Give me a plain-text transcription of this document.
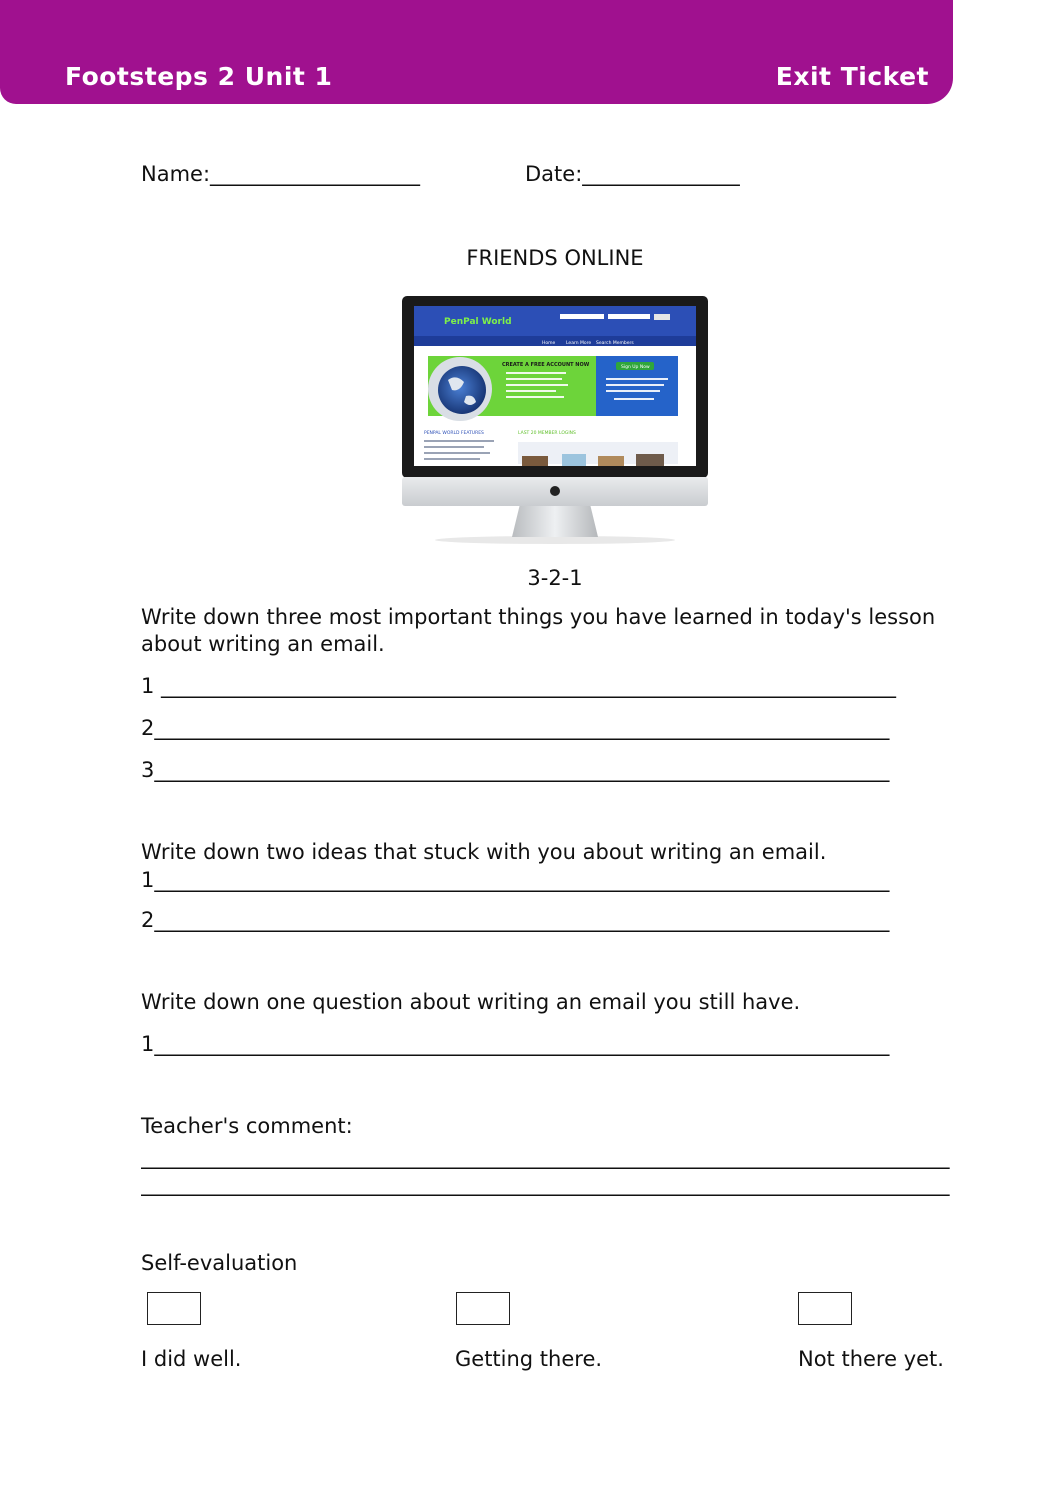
Footsteps 2 Unit 1	Exit Ticket
Name:____________________	Date:_______________
FRIENDS ONLINE
PenPal World
Home Learn More Search Members
CREATE A FREE ACCOUNT NOW	Sign Up Now
PENPAL WORLD FEATURES	LAST 20 MEMBER LOGINS
3-2-1
Write down three most important things you have learned in today's lesson
about writing an email.
1 ______________________________________________________________________
2______________________________________________________________________
3______________________________________________________________________
Write down two ideas that stuck with you about writing an email.
1______________________________________________________________________
2______________________________________________________________________
Write down one question about writing an email you still have.
1______________________________________________________________________
Teacher's comment:
_____________________________________________________________________________
_____________________________________________________________________________
Self-evaluation
I did well.	Getting there.	Not there yet.
